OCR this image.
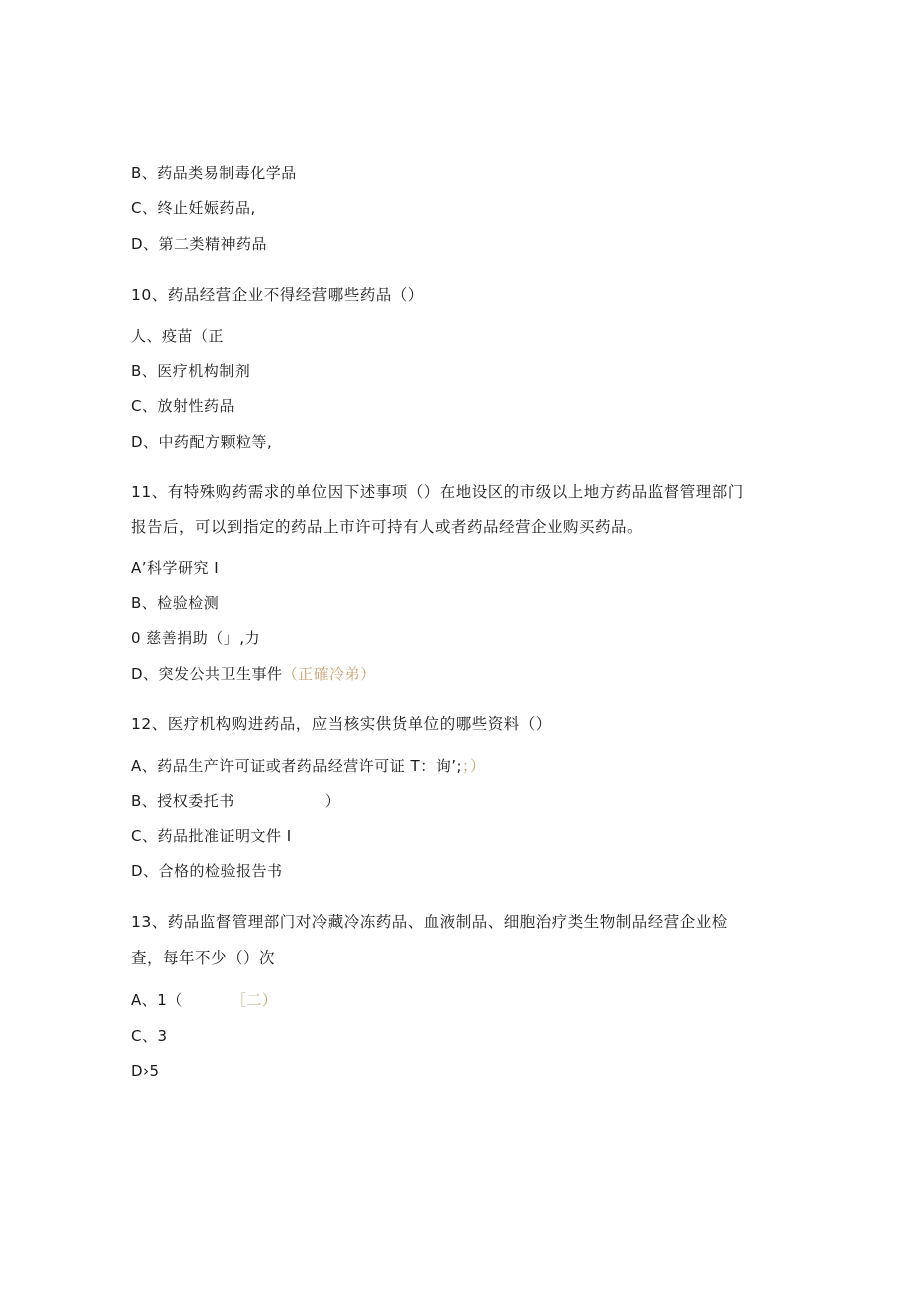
B、药品类易制毒化学品
C、终止妊娠药品,
D、第二类精神药品
10、药品经营企业不得经营哪些药品（）
人、疫苗（正
B、医疗机构制剂
C、放射性药品
D、中药配方颗粒等,
11、有特殊购药需求的单位因下述事项（）在地设区的市级以上地方药品监督管理部门
报告后，可以到指定的药品上市许可持有人或者药品经营企业购买药品。
A’科学研究 I
B、检验检测
0 慈善捐助（」,力
D、突发公共卫生事件（正確冷弟）
12、医疗机构购进药品，应当核实供货单位的哪些资料（）
A、药品生产许可证或者药品经营许可证 T：询’;；）
B、授权委托书	）
C、药品批准证明文件 I
D、合格的检验报告书
13、药品监督管理部门对冷藏冷冻药品、血液制品、细胞治疗类生物制品经营企业检
查，每年不少（）次
A、1（	［二）
C、3
D›5
